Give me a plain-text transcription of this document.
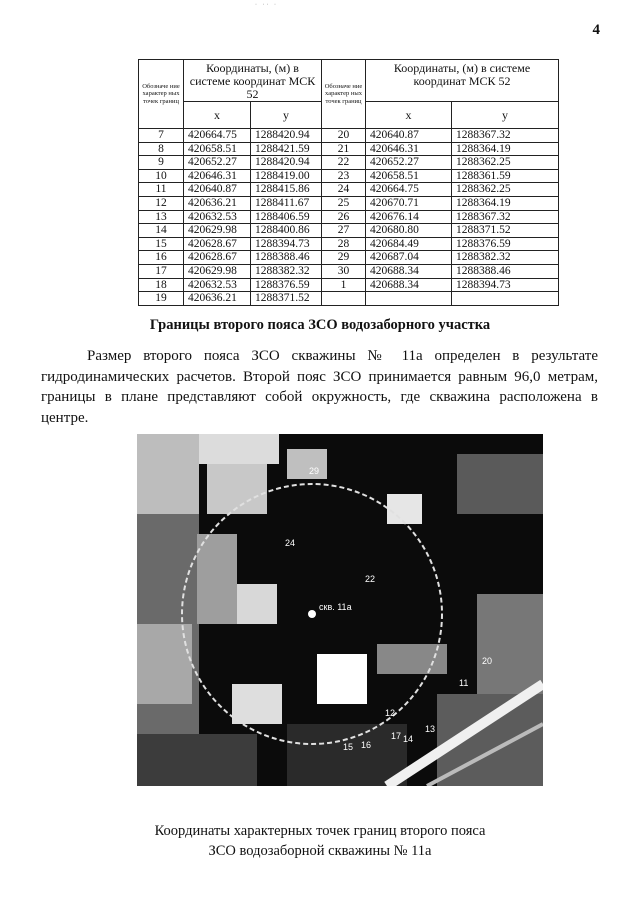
· ·· ·
4
Обозначе ние характер ных точек границ	Координаты, (м) в системе координат МСК 52		Обозначе ние характер ных точек границ	Координаты, (м) в системе координат МСК 52	
	x	y		x	y
7	420664.75	1288420.94	20	420640.87	1288367.32
8	420658.51	1288421.59	21	420646.31	1288364.19
9	420652.27	1288420.94	22	420652.27	1288362.25
10	420646.31	1288419.00	23	420658.51	1288361.59
11	420640.87	1288415.86	24	420664.75	1288362.25
12	420636.21	1288411.67	25	420670.71	1288364.19
13	420632.53	1288406.59	26	420676.14	1288367.32
14	420629.98	1288400.86	27	420680.80	1288371.52
15	420628.67	1288394.73	28	420684.49	1288376.59
16	420628.67	1288388.46	29	420687.04	1288382.32
17	420629.98	1288382.32	30	420688.34	1288388.46
18	420632.53	1288376.59	1	420688.34	1288394.73
19	420636.21	1288371.52			
Границы второго пояса ЗСО водозаборного участка

Размер второго пояса ЗСО скважины № 11а определен в результате гидродинамических расчетов. Второй пояс ЗСО принимается равным 96,0 метрам, границы в плане представляют собой окружность, где скважина расположена в центре.

скв. 11а
29
20
24
22
11
12
17
16
15
14
13
Координаты характерных точек границ второго пояса
ЗСО водозаборной скважины № 11а
